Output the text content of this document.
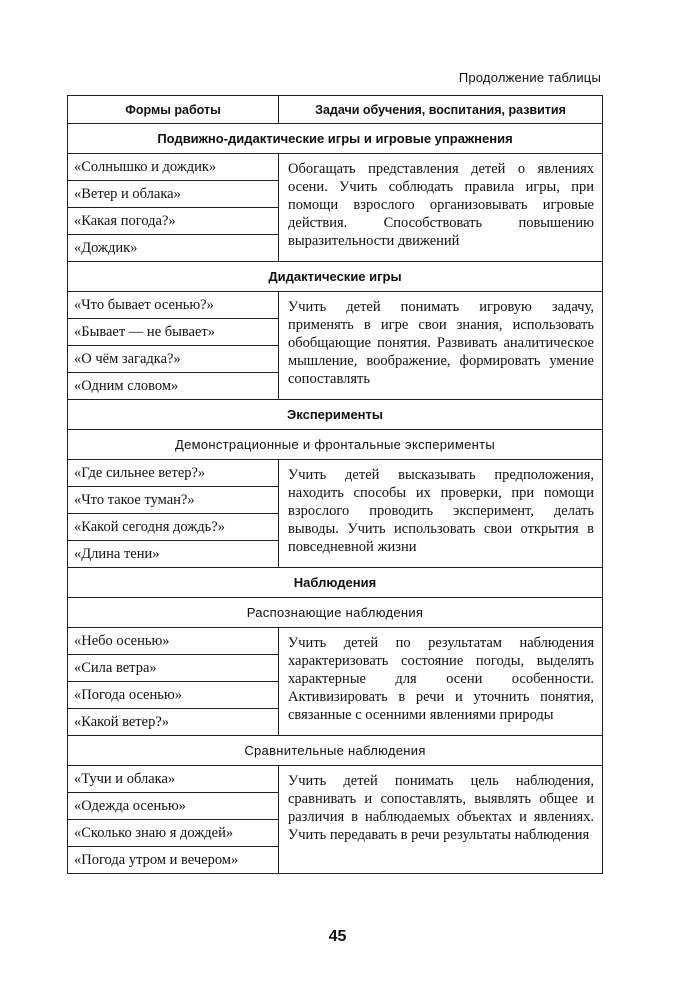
Продолжение таблицы
Формы работы	Задачи обучения, воспитания, развития
Подвижно-дидактические игры и игровые упражнения	
«Солнышко и дождик»	Обогащать представления детей о явлениях осени. Учить соблюдать правила игры, при помощи взрослого организовывать игровые действия. Способствовать повышению выразительности движений
«Ветер и облака»	
«Какая погода?»	
«Дождик»	
Дидактические игры	
«Что бывает осенью?»	Учить детей понимать игровую задачу, применять в игре свои знания, использовать обобщающие понятия. Развивать аналитическое мышление, воображение, формировать умение сопоставлять
«Бывает — не бывает»	
«О чём загадка?»	
«Одним словом»	
Эксперименты	
Демонстрационные и фронтальные эксперименты	
«Где сильнее ветер?»	Учить детей высказывать предположения, находить способы их проверки, при помощи взрослого проводить эксперимент, делать выводы. Учить использовать свои открытия в повседневной жизни
«Что такое туман?»	
«Какой сегодня дождь?»	
«Длина тени»	
Наблюдения	
Распознающие наблюдения	
«Небо осенью»	Учить детей по результатам наблюдения характеризовать состояние погоды, выделять характерные для осени особенности. Активизировать в речи и уточнить понятия, связанные с осенними явлениями природы
«Сила ветра»	
«Погода осенью»	
«Какой ветер?»	
Сравнительные наблюдения	
«Тучи и облака»	Учить детей понимать цель наблюдения, сравнивать и сопоставлять, выявлять общее и различия в наблюдаемых объектах и явлениях. Учить передавать в речи результаты наблюдения
«Одежда осенью»	
«Сколько знаю я дождей»	
«Погода утром и вечером»	
45
